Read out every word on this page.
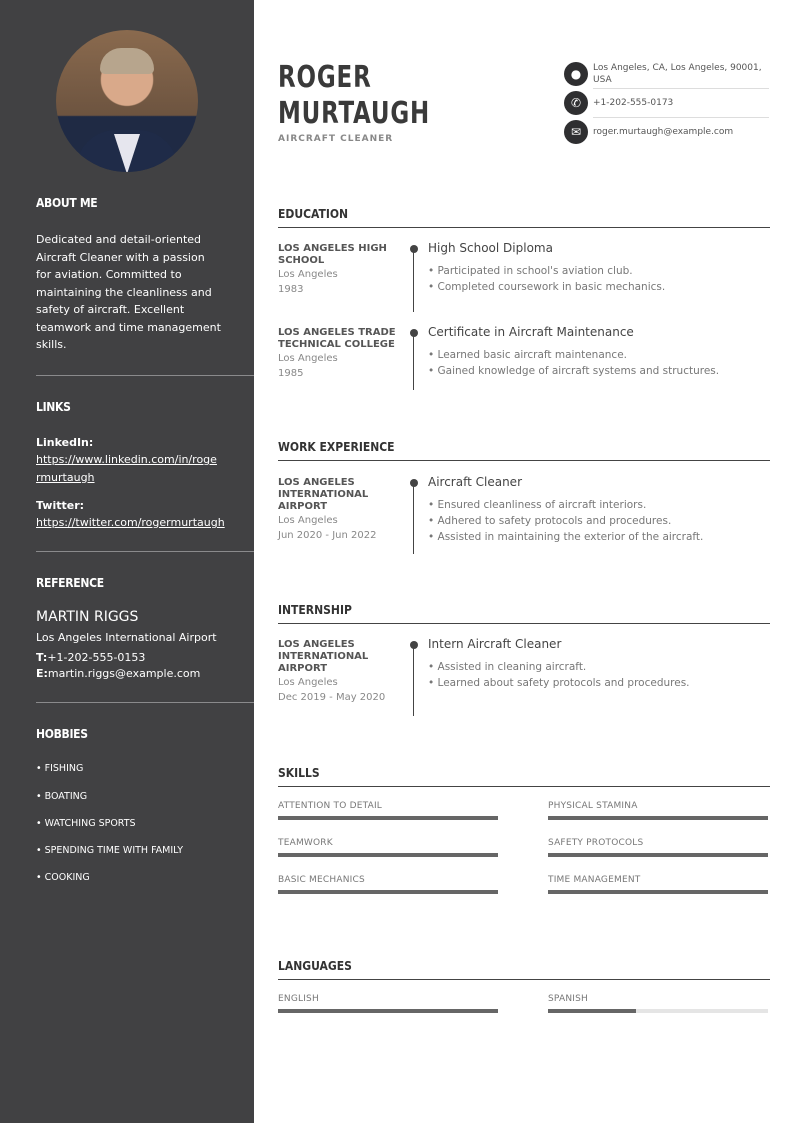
ABOUT ME
Dedicated and detail-oriented Aircraft Cleaner with a passion for aviation. Committed to maintaining the cleanliness and safety of aircraft. Excellent teamwork and time management skills.
LINKS
LinkedIn:
https://www.linkedin.com/in/rogermurtaugh
Twitter:
https://twitter.com/rogermurtaugh
REFERENCE
MARTIN RIGGS
Los Angeles International Airport
T:+1-202-555-0153
E:martin.riggs@example.com
HOBBIES
• FISHING
• BOATING
• WATCHING SPORTS
• SPENDING TIME WITH FAMILY
• COOKING
ROGER
MURTAUGH
AIRCRAFT CLEANER
●	Los Angeles, CA, Los Angeles, 90001, USA
✆	+1-202-555-0173
✉	roger.murtaugh@example.com
EDUCATION
LOS ANGELES HIGH SCHOOL
Los Angeles
1983
High School Diploma
• Participated in school's aviation club.
• Completed coursework in basic mechanics.
LOS ANGELES TRADE TECHNICAL COLLEGE
Los Angeles
1985
Certificate in Aircraft Maintenance
• Learned basic aircraft maintenance.
• Gained knowledge of aircraft systems and structures.
WORK EXPERIENCE
LOS ANGELES INTERNATIONAL AIRPORT
Los Angeles
Jun 2020 - Jun 2022
Aircraft Cleaner
• Ensured cleanliness of aircraft interiors.
• Adhered to safety protocols and procedures.
• Assisted in maintaining the exterior of the aircraft.
INTERNSHIP
LOS ANGELES INTERNATIONAL AIRPORT
Los Angeles
Dec 2019 - May 2020
Intern Aircraft Cleaner
• Assisted in cleaning aircraft.
• Learned about safety protocols and procedures.
SKILLS
ATTENTION TO DETAIL	PHYSICAL STAMINA
TEAMWORK	SAFETY PROTOCOLS
BASIC MECHANICS	TIME MANAGEMENT
LANGUAGES
ENGLISH	SPANISH
